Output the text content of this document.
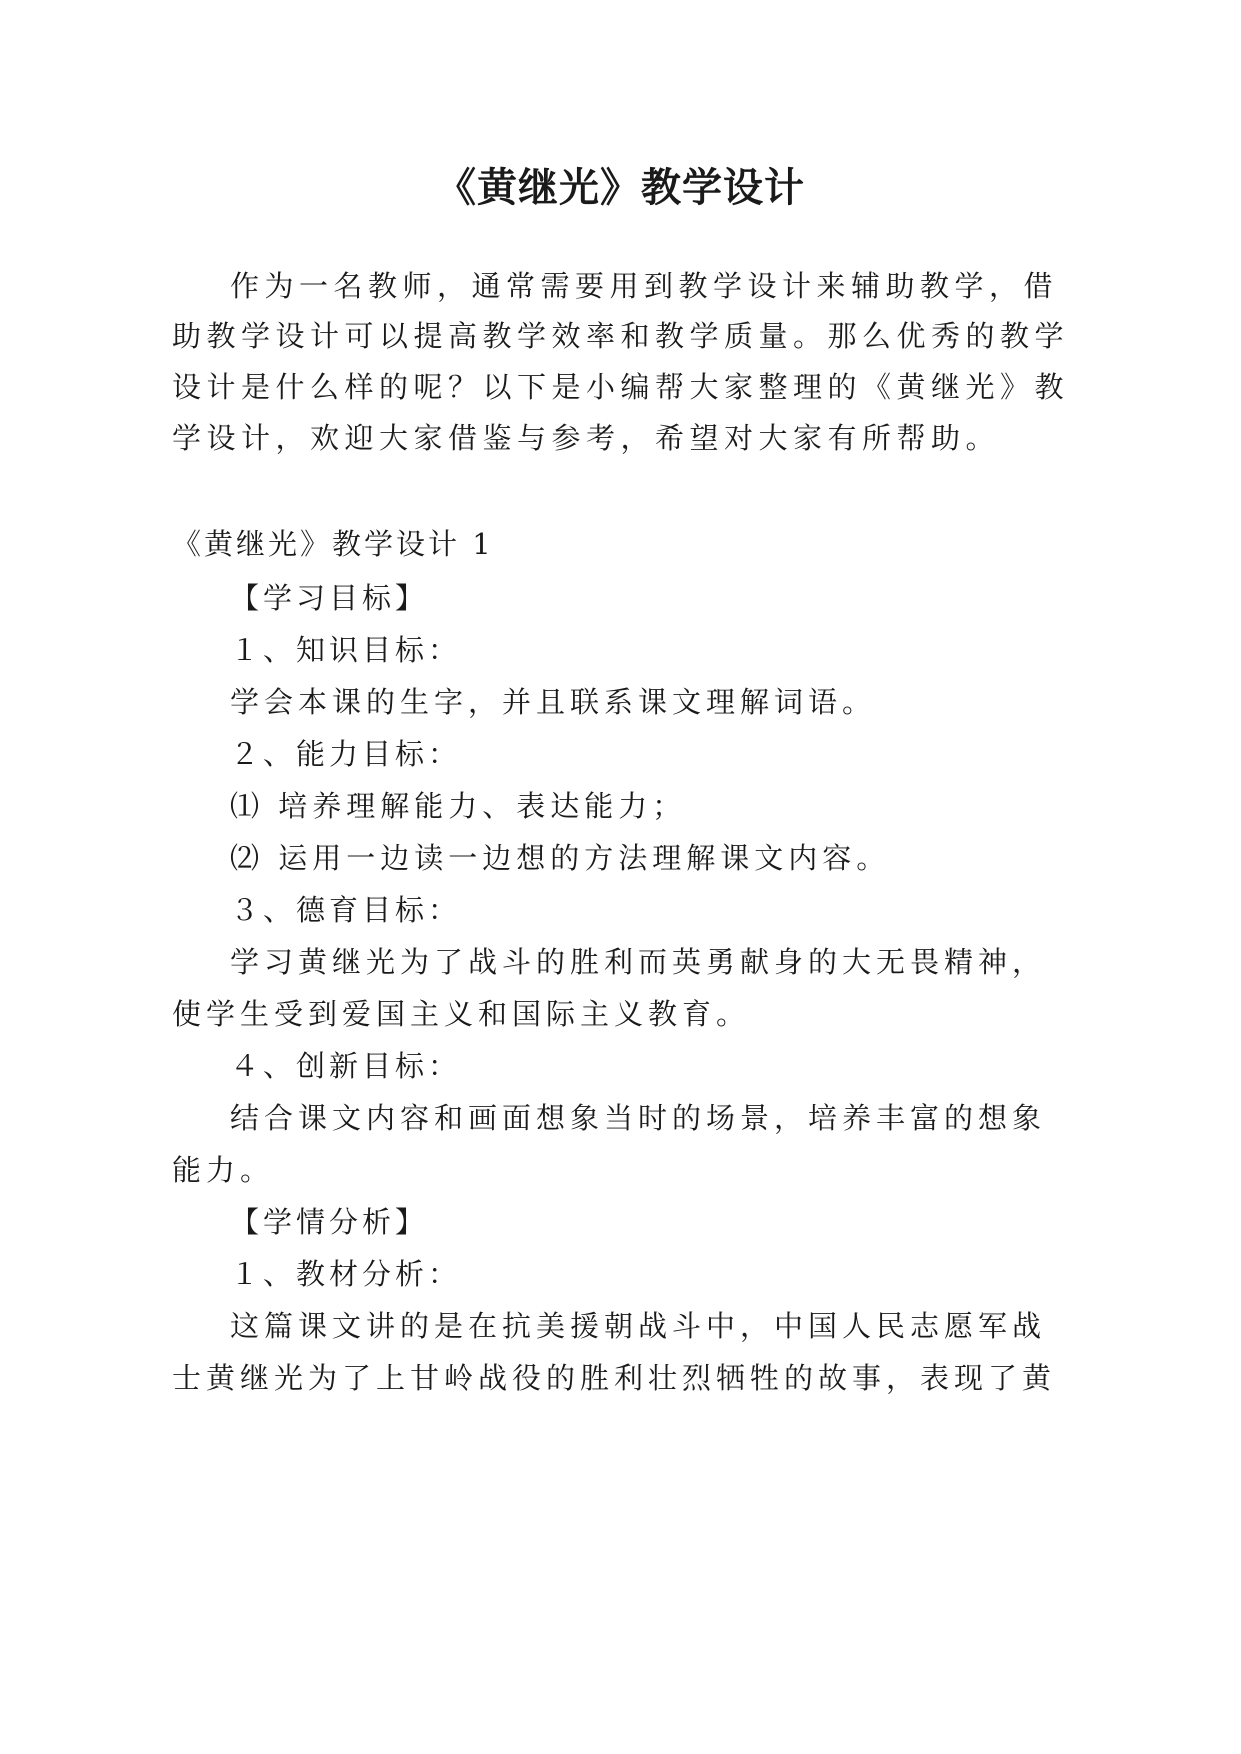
《黄继光》教学设计

作为一名教师，通常需要用到教学设计来辅助教学，借

助教学设计可以提高教学效率和教学质量。那么优秀的教学

设计是什么样的呢？以下是小编帮大家整理的《黄继光》教

学设计，欢迎大家借鉴与参考，希望对大家有所帮助。

《黄继光》教学设计 1

【学习目标】

１、知识目标：

学会本课的生字，并且联系课文理解词语。

２、能力目标：

⑴ 培养理解能力、表达能力；

⑵ 运用一边读一边想的方法理解课文内容。

３、德育目标：

学习黄继光为了战斗的胜利而英勇献身的大无畏精神，

使学生受到爱国主义和国际主义教育。

４、创新目标：

结合课文内容和画面想象当时的场景，培养丰富的想象

能力。

【学情分析】

１、教材分析：

这篇课文讲的是在抗美援朝战斗中，中国人民志愿军战

士黄继光为了上甘岭战役的胜利壮烈牺牲的故事，表现了黄
